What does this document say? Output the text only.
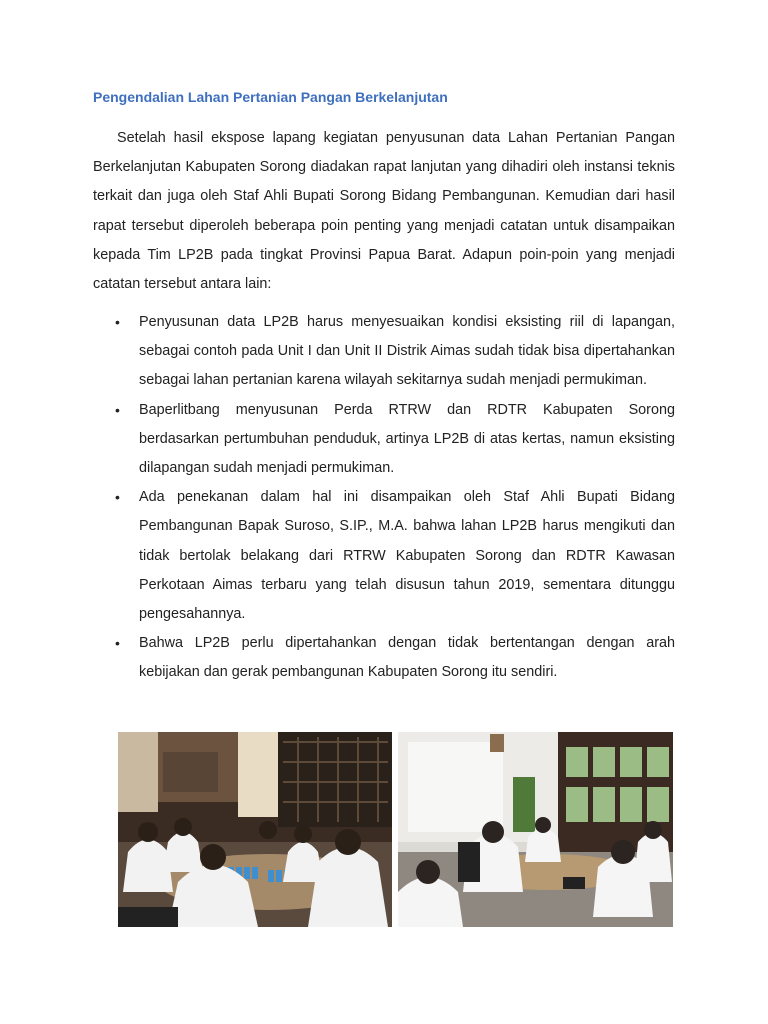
Pengendalian Lahan Pertanian Pangan Berkelanjutan

Setelah hasil ekspose lapang kegiatan penyusunan data Lahan Pertanian Pangan Berkelanjutan Kabupaten Sorong diadakan rapat lanjutan yang dihadiri oleh instansi teknis terkait dan juga oleh Staf Ahli Bupati Sorong Bidang Pembangunan. Kemudian dari hasil rapat tersebut diperoleh beberapa poin penting yang menjadi catatan untuk disampaikan kepada Tim LP2B pada tingkat Provinsi Papua Barat. Adapun poin-poin yang menjadi catatan tersebut antara lain:

• Penyusunan data LP2B harus menyesuaikan kondisi eksisting riil di lapangan, sebagai contoh pada Unit I dan Unit II Distrik Aimas sudah tidak bisa dipertahankan sebagai lahan pertanian karena wilayah sekitarnya sudah menjadi permukiman.
• Baperlitbang menyusunan Perda RTRW dan RDTR Kabupaten Sorong berdasarkan pertumbuhan penduduk, artinya LP2B di atas kertas, namun eksisting dilapangan sudah menjadi permukiman.
• Ada penekanan dalam hal ini disampaikan oleh Staf Ahli Bupati Bidang Pembangunan Bapak Suroso, S.IP., M.A. bahwa lahan LP2B harus mengikuti dan tidak bertolak belakang dari RTRW Kabupaten Sorong dan RDTR Kawasan Perkotaan Aimas terbaru yang telah disusun tahun 2019, sementara ditunggu pengesahannya.
• Bahwa LP2B perlu dipertahankan dengan tidak bertentangan dengan arah kebijakan dan gerak pembangunan Kabupaten Sorong itu sendiri.
